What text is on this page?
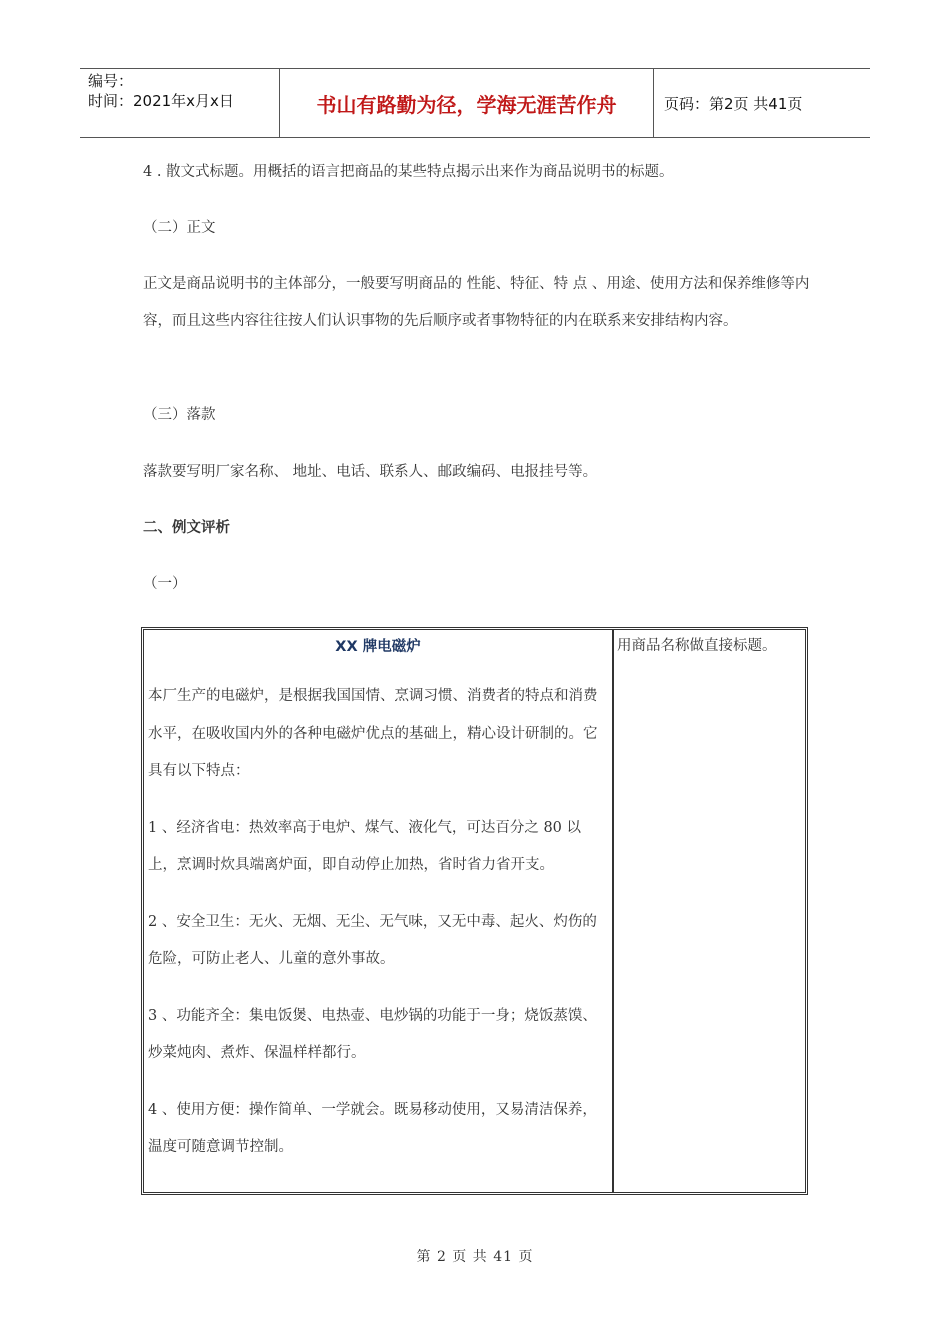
编号：
时间：2021年x月x日	书山有路勤为径，学海无涯苦作舟	页码：第2页 共41页
4 . 散文式标题。用概括的语言把商品的某些特点揭示出来作为商品说明书的标题。
（二）正文
正文是商品说明书的主体部分，一般要写明商品的 性能、特征、特 点 、用途、使用方法和保养维修等内容，而且这些内容往往按人们认识事物的先后顺序或者事物特征的内在联系来安排结构内容。
（三）落款
落款要写明厂家名称、 地址、电话、联系人、邮政编码、电报挂号等。
二、例文评析
（一）
XX 牌电磁炉
本厂生产的电磁炉，是根据我国国情、烹调习惯、消费者的特点和消费水平，在吸收国内外的各种电磁炉优点的基础上，精心设计研制的。它具有以下特点：
1 、经济省电：热效率高于电炉、煤气、液化气，可达百分之 80 以上，烹调时炊具端离炉面，即自动停止加热，省时省力省开支。
2 、安全卫生：无火、无烟、无尘、无气味，又无中毒、起火、灼伤的危险，可防止老人、儿童的意外事故。
3 、功能齐全：集电饭煲、电热壶、电炒锅的功能于一身；烧饭蒸馍、炒菜炖肉、煮炸、保温样样都行。
4 、使用方便：操作简单、一学就会。既易移动使用，又易清洁保养，温度可随意调节控制。
用商品名称做直接标题。
第 2 页 共 41 页
